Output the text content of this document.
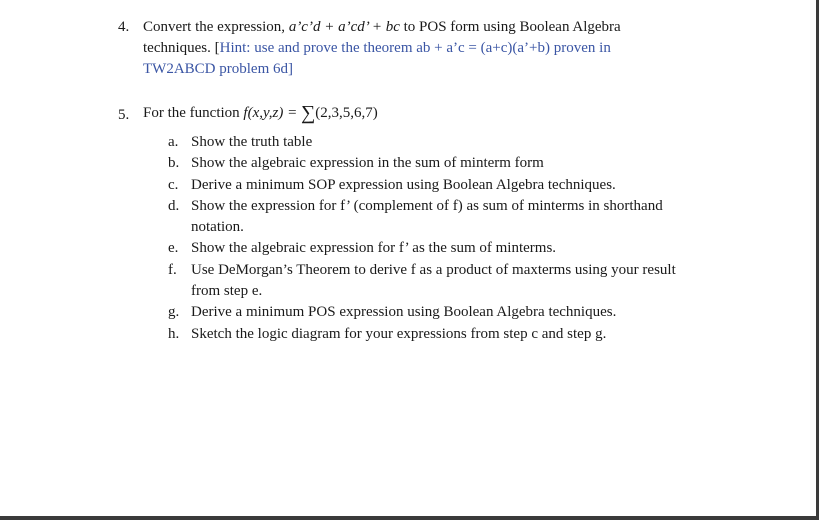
4. Convert the expression, a’c’d + a’cd’ + bc to POS form using Boolean Algebra
techniques. [Hint: use and prove the theorem ab + a’c = (a+c)(a’+b) proven in
TW2ABCD problem 6d]
5. For the function f(x,y,z) = ∑(2,3,5,6,7)
a. Show the truth table
b. Show the algebraic expression in the sum of minterm form
c. Derive a minimum SOP expression using Boolean Algebra techniques.
d. Show the expression for f’ (complement of f) as sum of minterms in shorthand
notation.
e. Show the algebraic expression for f’ as the sum of minterms.
f. Use DeMorgan’s Theorem to derive f as a product of maxterms using your result
from step e.
g. Derive a minimum POS expression using Boolean Algebra techniques.
h. Sketch the logic diagram for your expressions from step c and step g.
